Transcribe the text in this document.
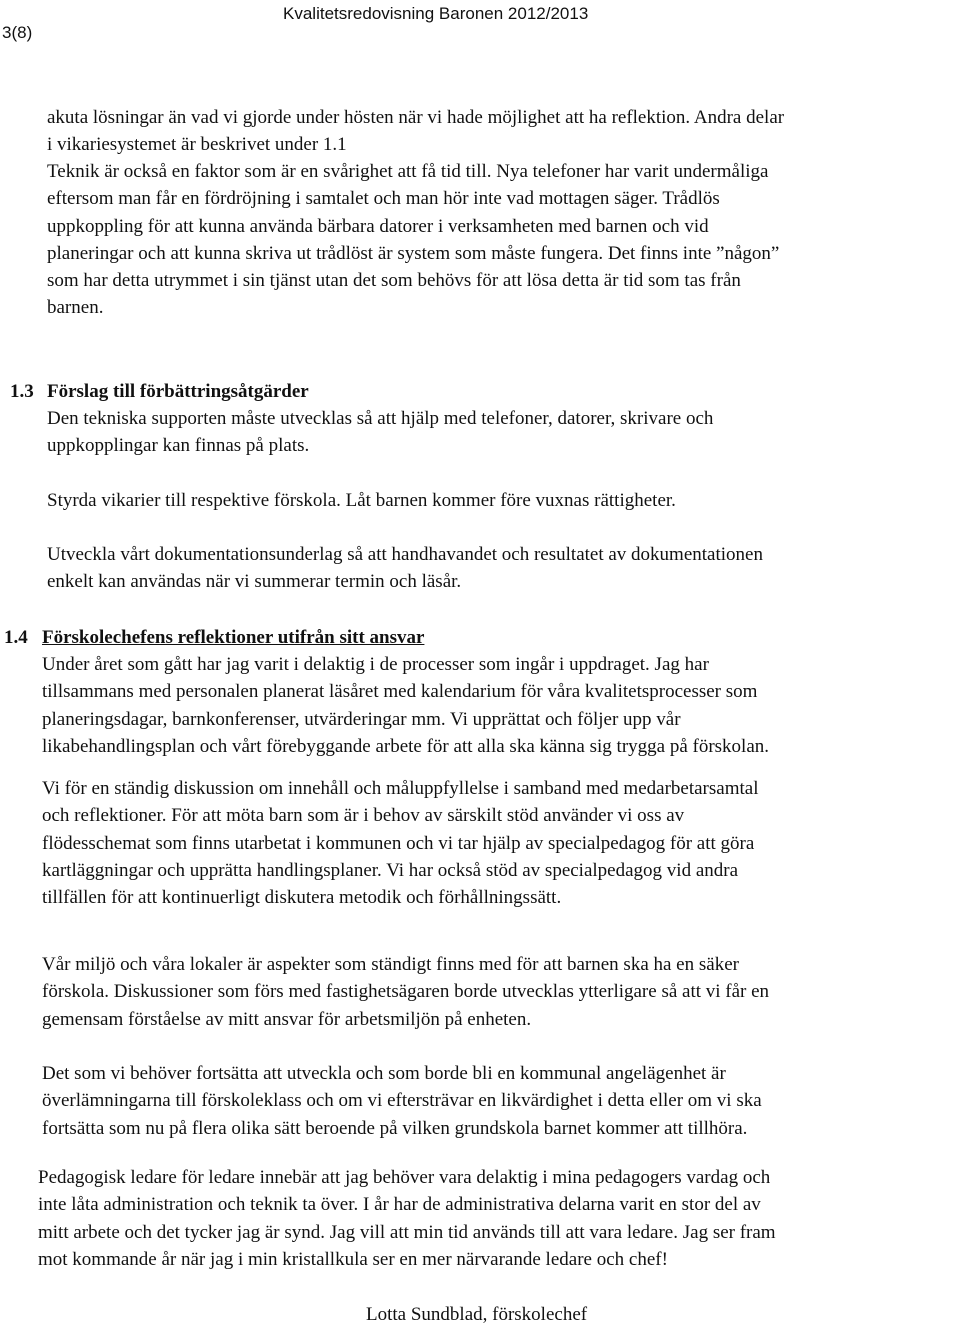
3(8)
Kvalitetsredovisning Baronen 2012/2013

akuta lösningar än vad vi gjorde under hösten när vi hade möjlighet att ha reflektion. Andra delar
i vikariesystemet är beskrivet under 1.1

Teknik är också en faktor som är en svårighet att få tid till. Nya telefoner har varit undermåliga
eftersom man får en fördröjning i samtalet och man hör inte vad mottagen säger. Trådlös
uppkoppling för att kunna använda bärbara datorer i verksamheten med barnen och vid
planeringar och att kunna skriva ut trådlöst är system som måste fungera. Det finns inte ”någon”
som har detta utrymmet i sin tjänst utan det som behövs för att lösa detta är tid som tas från
barnen.

1.3 Förslag till förbättringsåtgärder

Den tekniska supporten måste utvecklas så att hjälp med telefoner, datorer, skrivare och
uppkopplingar kan finnas på plats.

Styrda vikarier till respektive förskola. Låt barnen kommer före vuxnas rättigheter.

Utveckla vårt dokumentationsunderlag så att handhavandet och resultatet av dokumentationen
enkelt kan användas när vi summerar termin och läsår.

1.4 Förskolechefens reflektioner utifrån sitt ansvar

Under året som gått har jag varit i delaktig i de processer som ingår i uppdraget. Jag har
tillsammans med personalen planerat läsåret med kalendarium för våra kvalitetsprocesser som
planeringsdagar, barnkonferenser, utvärderingar mm. Vi upprättat och följer upp vår
likabehandlingsplan och vårt förebyggande arbete för att alla ska känna sig trygga på förskolan.

Vi för en ständig diskussion om innehåll och måluppfyllelse i samband med medarbetarsamtal
och reflektioner. För att möta barn som är i behov av särskilt stöd använder vi oss av
flödesschemat som finns utarbetat i kommunen och vi tar hjälp av specialpedagog för att göra
kartläggningar och upprätta handlingsplaner. Vi har också stöd av specialpedagog vid andra
tillfällen för att kontinuerligt diskutera metodik och förhållningssätt.

Vår miljö och våra lokaler är aspekter som ständigt finns med för att barnen ska ha en säker
förskola. Diskussioner som förs med fastighetsägaren borde utvecklas ytterligare så att vi får en
gemensam förståelse av mitt ansvar för arbetsmiljön på enheten.

Det som vi behöver fortsätta att utveckla och som borde bli en kommunal angelägenhet är
överlämningarna till förskoleklass och om vi eftersträvar en likvärdighet i detta eller om vi ska
fortsätta som nu på flera olika sätt beroende på vilken grundskola barnet kommer att tillhöra.

Pedagogisk ledare för ledare innebär att jag behöver vara delaktig i mina pedagogers vardag och
inte låta administration och teknik ta över. I år har de administrativa delarna varit en stor del av
mitt arbete och det tycker jag är synd. Jag vill att min tid används till att vara ledare. Jag ser fram
mot kommande år när jag i min kristallkula ser en mer närvarande ledare och chef!

Lotta Sundblad, förskolechef
